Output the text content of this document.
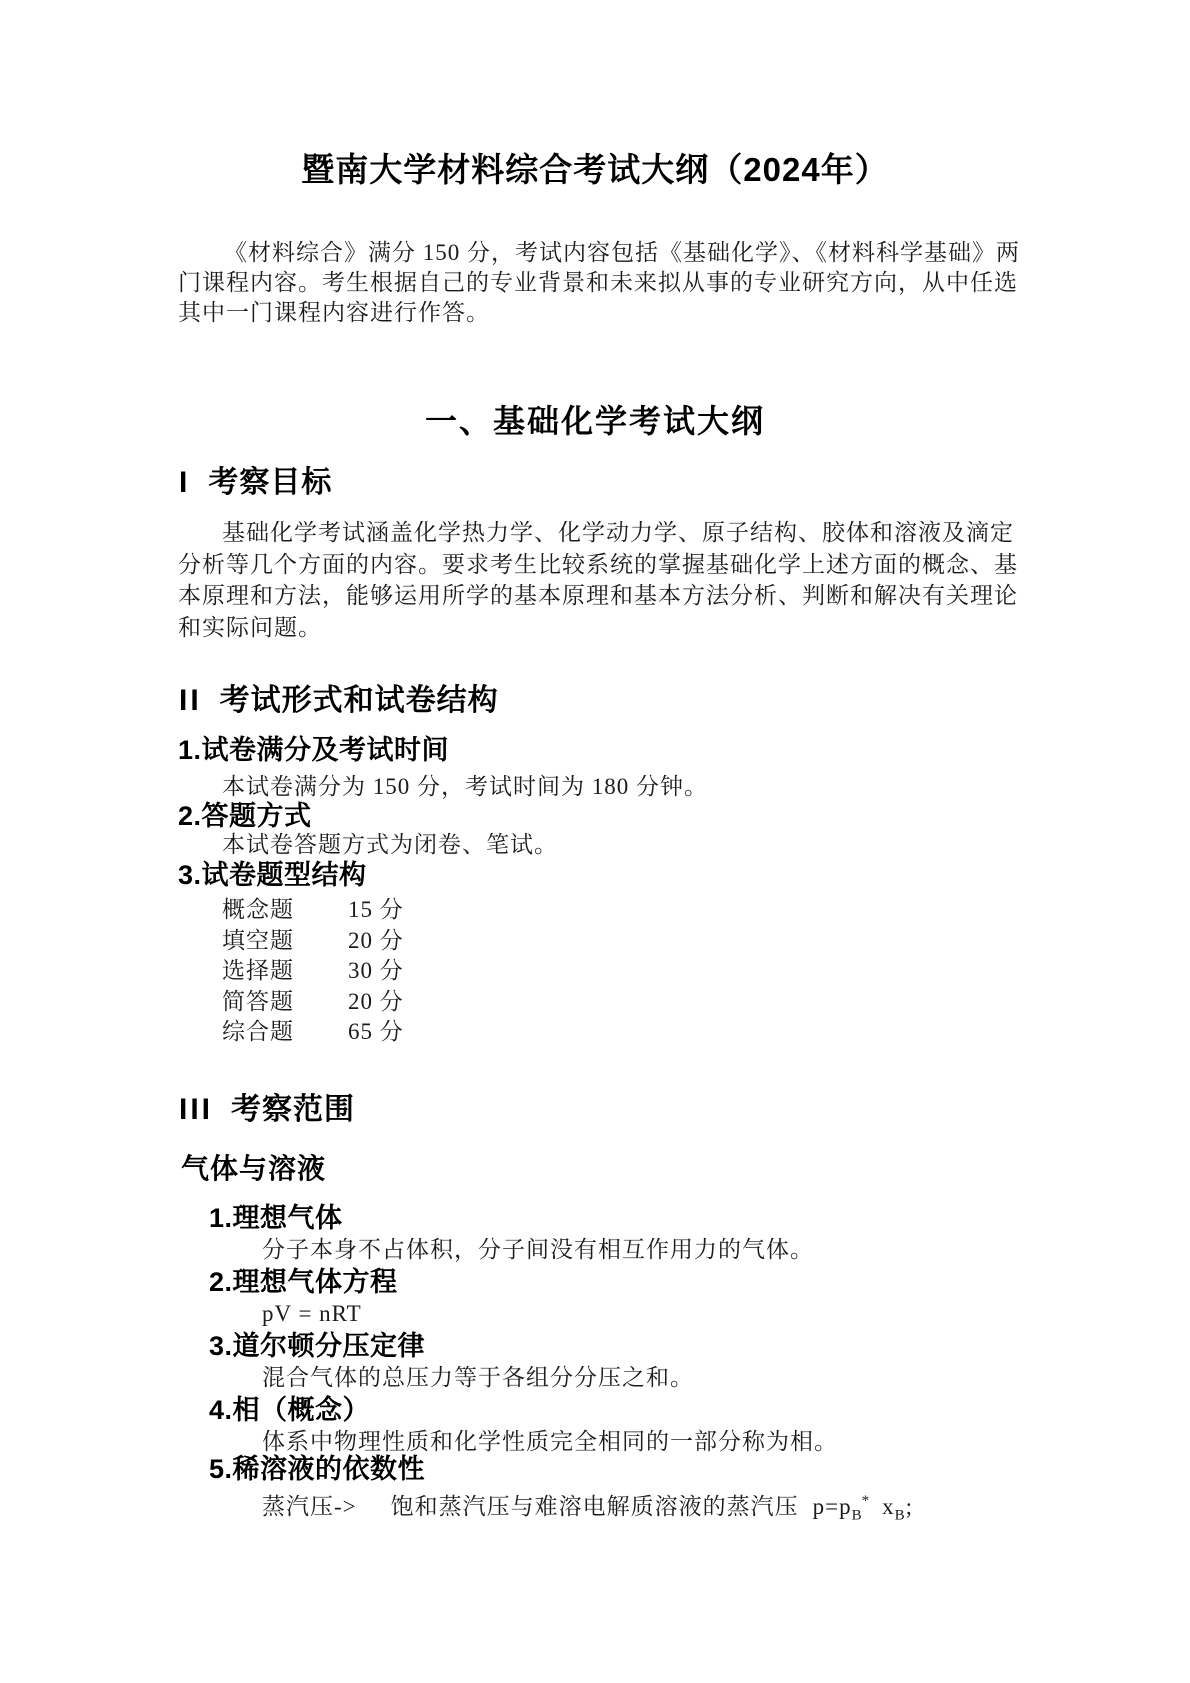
暨南大学材料综合考试大纲（2024年）
《材料综合》满分 150 分，考试内容包括《基础化学》、《材料科学基础》两
门课程内容。考生根据自己的专业背景和未来拟从事的专业研究方向，从中任选
其中一门课程内容进行作答。
一、基础化学考试大纲
I 考察目标
基础化学考试涵盖化学热力学、化学动力学、原子结构、胶体和溶液及滴定
分析等几个方面的内容。要求考生比较系统的掌握基础化学上述方面的概念、基
本原理和方法，能够运用所学的基本原理和基本方法分析、判断和解决有关理论
和实际问题。
II 考试形式和试卷结构
1.试卷满分及考试时间
本试卷满分为 150 分，考试时间为 180 分钟。
2.答题方式
本试卷答题方式为闭卷、笔试。
3.试卷题型结构
概念题 15 分
填空题 20 分
选择题 30 分
简答题 20 分
综合题 65 分
III 考察范围
气体与溶液
1.理想气体
分子本身不占体积，分子间没有相互作用力的气体。
2.理想气体方程
pV = nRT
3.道尔顿分压定律
混合气体的总压力等于各组分分压之和。
4.相（概念）
体系中物理性质和化学性质完全相同的一部分称为相。
5.稀溶液的依数性
蒸汽压-> 饱和蒸汽压与难溶电解质溶液的蒸汽压 $p=p_B^*$ $x_B$;
